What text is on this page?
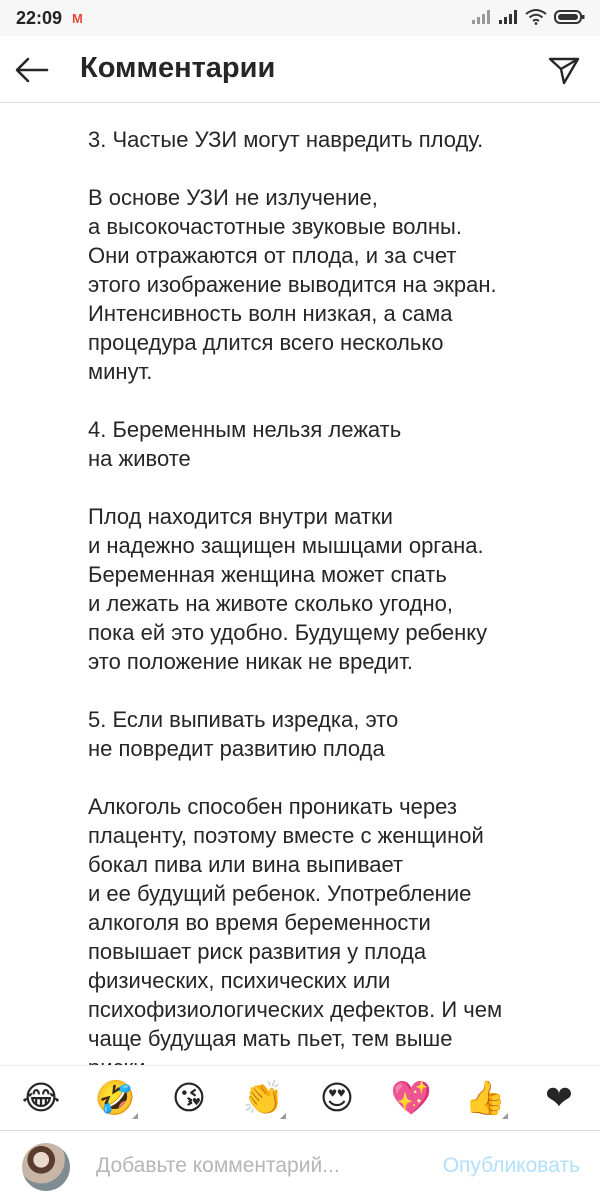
22:09 M
Комментарии
3. Частые УЗИ могут навредить плоду.

В основе УЗИ не излучение,
а высокочастотные звуковые волны.
Они отражаются от плода, и за счет
этого изображение выводится на экран.
Интенсивность волн низкая, а сама
процедура длится всего несколько
минут.

4. Беременным нельзя лежать
на животе

Плод находится внутри матки
и надежно защищен мышцами органа.
Беременная женщина может спать
и лежать на животе сколько угодно,
пока ей это удобно. Будущему ребенку
это положение никак не вредит.

5. Если выпивать изредка, это
не повредит развитию плода

Алкоголь способен проникать через
плаценту, поэтому вместе с женщиной
бокал пива или вина выпивает
и ее будущий ребенок. Употребление
алкоголя во время беременности
повышает риск развития у плода
физических, психических или
психофизиологических дефектов. И чем
чаще будущая мать пьет, тем выше

😂 🤣 😘 👏 😍 💖 👍 ❤
Добавьте комментарий...
Опубликовать
